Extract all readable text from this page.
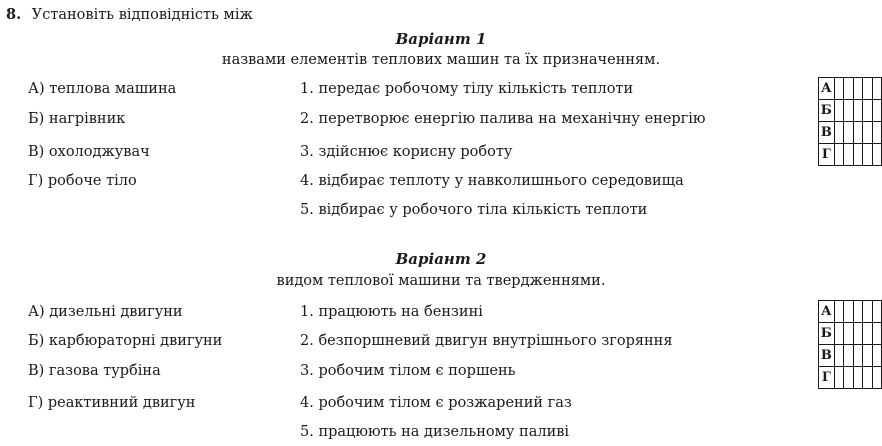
8. Установіть відповідність між
Варіант 1
назвами елементів теплових машин та їх призначенням.
А) теплова машина
Б) нагрівник
В) охолоджувач
Г) робоче тіло
1. передає робочому тілу кількість теплоти
2. перетворює енергію палива на механічну енергію
3. здійснює корисну роботу
4. відбирає теплоту у навколишнього середовища
5. відбирає у робочого тіла кількість теплоти
А					
Б					
В					
Г					
Варіант 2
видом теплової машини та твердженнями.
А) дизельні двигуни
Б) карбюраторні двигуни
В) газова турбіна
Г) реактивний двигун
1. працюють на бензині
2. безпоршневий двигун внутрішнього згоряння
3. робочим тілом є поршень
4. робочим тілом є розжарений газ
5. працюють на дизельному паливі
А					
Б					
В					
Г					
